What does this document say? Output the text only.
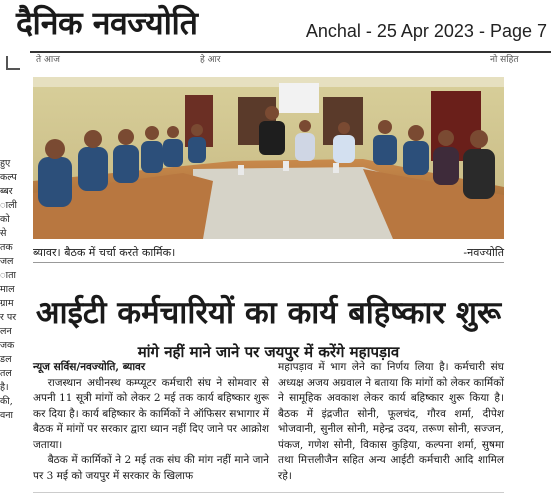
दैनिक नवज्योति	Anchal - 25 Apr 2023 - Page 7
ते आज	हे आर	नो सहित
हुए
कल्प
ब्बर
ाली
को
से
तक
जल
ाता
माल
ग्राम
र पर
लन
जक
डल
तल
है।
की,
वना
ब्यावर। बैठक में चर्चा करते कार्मिक।	-नवज्योति
आईटी कर्मचारियों का कार्य बहिष्कार शुरू
मांगे नहीं माने जाने पर जयपुर में करेंगे महापड़ाव

न्यूज सर्विस/नवज्योति, ब्यावर

राजस्थान अधीनस्थ कम्प्यूटर कर्मचारी संघ ने सोमवार से अपनी 11 सूत्री मांगों को लेकर 2 मई तक कार्य बहिष्कार शुरू कर दिया है। कार्य बहिष्कार के कार्मिकों ने ऑफिसर सभागार में बैठक में मांगों पर सरकार द्वारा ध्यान नहीं दिए जाने पर आक्रोश जताया।

बैठक में कार्मिकों ने 2 मई तक संघ की मांग नहीं माने जाने पर 3 मई को जयपुर में सरकार के खिलाफ

महापड़ाव में भाग लेने का निर्णय लिया है। कर्मचारी संघ अध्यक्ष अजय अग्रवाल ने बताया कि मांगों को लेकर कार्मिकों ने सामूहिक अवकाश लेकर कार्य बहिष्कार शुरू किया है। बैठक में इंद्रजीत सोनी, फूलचंद, गौरव शर्मा, दीपेश भोजवानी, सुनील सोनी, महेन्द्र उदय, तरूण सोनी, सज्जन, पंकज, गणेश सोनी, विकास कुड़िया, कल्पना शर्मा, सुषमा तथा मित्तलीजैन सहित अन्य आईटी कर्मचारी आदि शामिल रहे।
